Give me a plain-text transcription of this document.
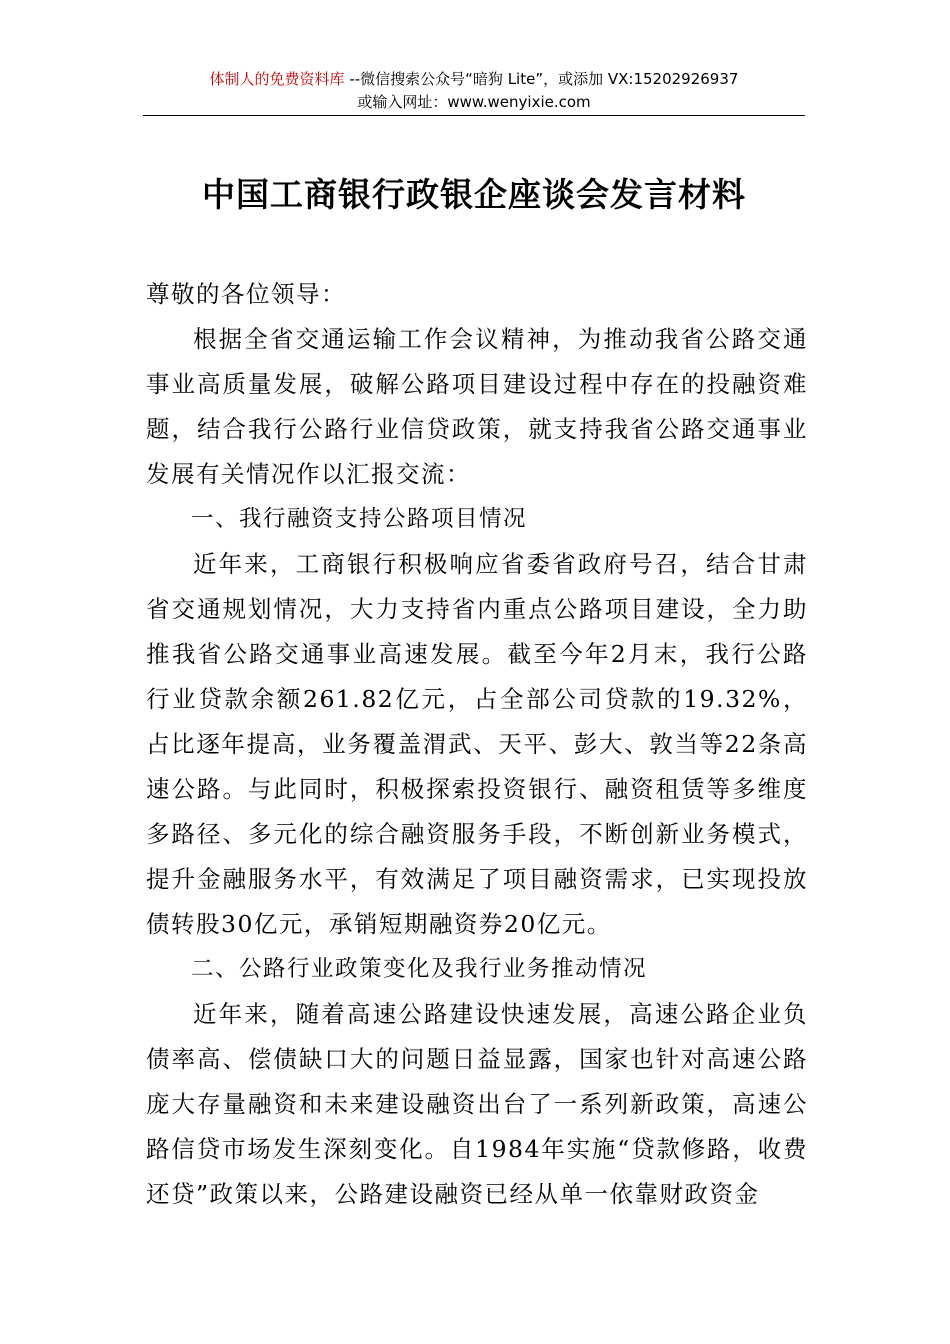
体制人的免费资料库 --微信搜索公众号“暗狗 Lite”，或添加 VX:15202926937
或输入网址：www.wenyixie.com
中国工商银行政银企座谈会发言材料

尊敬的各位领导：

根据全省交通运输工作会议精神，为推动我省公路交通事业高质量发展，破解公路项目建设过程中存在的投融资难题，结合我行公路行业信贷政策，就支持我省公路交通事业发展有关情况作以汇报交流：

一、我行融资支持公路项目情况

近年来，工商银行积极响应省委省政府号召，结合甘肃省交通规划情况，大力支持省内重点公路项目建设，全力助推我省公路交通事业高速发展。截至今年2月末，我行公路行业贷款余额261.82亿元，占全部公司贷款的19.32%，占比逐年提高，业务覆盖渭武、天平、彭大、敦当等22条高速公路。与此同时，积极探索投资银行、融资租赁等多维度多路径、多元化的综合融资服务手段，不断创新业务模式，提升金融服务水平，有效满足了项目融资需求，已实现投放债转股30亿元，承销短期融资券20亿元。

二、公路行业政策变化及我行业务推动情况

近年来，随着高速公路建设快速发展，高速公路企业负债率高、偿债缺口大的问题日益显露，国家也针对高速公路庞大存量融资和未来建设融资出台了一系列新政策，高速公路信贷市场发生深刻变化。自1984年实施“贷款修路，收费还贷”政策以来，公路建设融资已经从单一依靠财政资金
